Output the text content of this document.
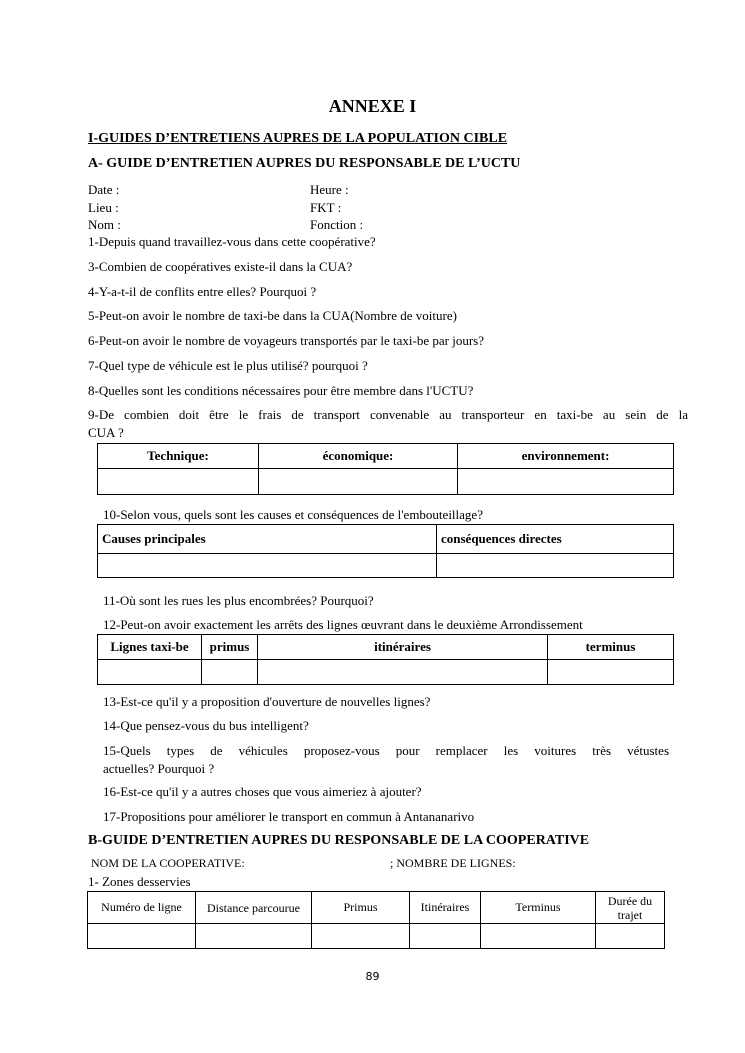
ANNEXE I
I-GUIDES D’ENTRETIENS AUPRES DE LA POPULATION CIBLE
A- GUIDE D’ENTRETIEN AUPRES DU RESPONSABLE DE L’UCTU
Date :	Heure :
Lieu :	FKT :
Nom :	Fonction :
1-Depuis quand travaillez-vous dans cette coopérative?
3-Combien de coopératives existe-il dans la CUA?
4-Y-a-t-il de conflits entre elles? Pourquoi ?
5-Peut-on avoir le nombre de taxi-be dans la CUA(Nombre de voiture)
6-Peut-on avoir le nombre de voyageurs transportés par le taxi-be par jours?
7-Quel type de véhicule est le plus utilisé? pourquoi ?
8-Quelles sont les conditions nécessaires pour être membre dans l'UCTU?
9-De combien doit être le frais de transport convenable au transporteur en taxi-be au sein de la
CUA ?
Technique:	économique:	environnement:

10-Selon vous, quels sont les causes et conséquences de l'embouteillage?
Causes principales	conséquences directes

11-Où sont les rues les plus encombrées? Pourquoi?
12-Peut-on avoir exactement les arrêts des lignes œuvrant dans le deuxième Arrondissement
Lignes taxi-be	primus	itinéraires	terminus

13-Est-ce qu'il y a proposition d'ouverture de nouvelles lignes?
14-Que pensez-vous du bus intelligent?
15-Quels types de véhicules proposez-vous pour remplacer les voitures très vétustes
actuelles? Pourquoi ?
16-Est-ce qu'il y a autres choses que vous aimeriez à ajouter?
17-Propositions pour améliorer le transport en commun à Antananarivo
B-GUIDE D’ENTRETIEN AUPRES DU RESPONSABLE DE LA COOPERATIVE
NOM DE LA COOPERATIVE:	; NOMBRE DE LIGNES:
1- Zones desservies
Numéro de ligne	Distance parcourue	Primus	Itinéraires	Terminus	Durée du trajet

89
